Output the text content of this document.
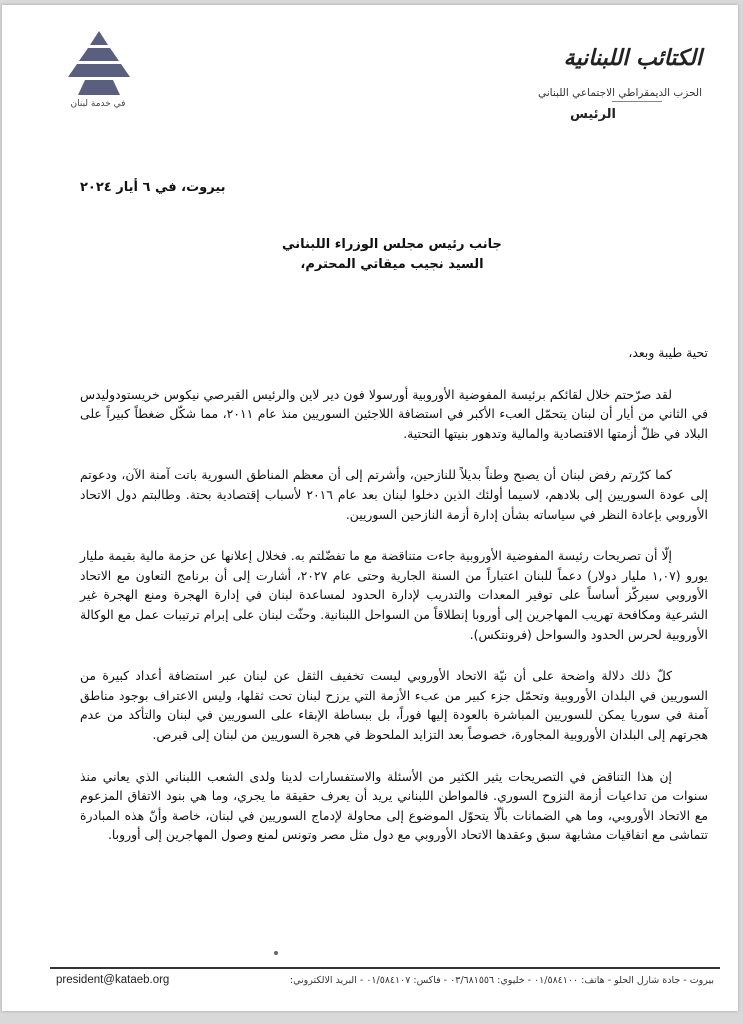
في خدمة لبنان
الكتائب اللبنانية
الحزب الديمقراطي الاجتماعي اللبناني
الرئيس
بيروت، في ٦ أيار ٢٠٢٤
جانب رئيس مجلس الوزراء اللبناني
السيد نجيب ميقاتي المحترم،

تحية طيبة وبعد،

لقد صرّحتم خلال لقائكم برئيسة المفوضية الأوروبية أورسولا فون دير لاين والرئيس القبرصي نيكوس خريستودوليدس في الثاني من أيار أن لبنان يتحمّل العبء الأكبر في استضافة اللاجئين السوريين منذ عام ٢٠١١، مما شكّل ضغطاً كبيراً على البلاد في ظلّ أزمتها الاقتصادية والمالية وتدهور بنيتها التحتية.

كما كرّرتم رفض لبنان أن يصبح وطناً بديلاً للنازحين، وأشرتم إلى أن معظم المناطق السورية باتت آمنة الآن، ودعوتم إلى عودة السوريين إلى بلادهم، لاسيما أولئك الذين دخلوا لبنان بعد عام ٢٠١٦ لأسباب إقتصادية بحتة. وطالبتم دول الاتحاد الأوروبي بإعادة النظر في سياساته بشأن إدارة أزمة النازحين السوريين.

إلّا أن تصريحات رئيسة المفوضية الأوروبية جاءت متناقضة مع ما تفضّلتم به. فخلال إعلانها عن حزمة مالية بقيمة مليار يورو (١,٠٧ مليار دولار) دعماً للبنان اعتباراً من السنة الجارية وحتى عام ٢٠٢٧، أشارت إلى أن برنامج التعاون مع الاتحاد الأوروبي سيركّز أساساً على توفير المعدات والتدريب لإدارة الحدود لمساعدة لبنان في إدارة الهجرة ومنع الهجرة غير الشرعية ومكافحة تهريب المهاجرين إلى أوروبا إنطلاقاً من السواحل اللبنانية. وحثّت لبنان على إبرام ترتيبات عمل مع الوكالة الأوروبية لحرس الحدود والسواحل (فرونتكس).

كلّ ذلك دلالة واضحة على أن نيّة الاتحاد الأوروبي ليست تخفيف الثقل عن لبنان عبر استضافة أعداد كبيرة من السوريين في البلدان الأوروبية وتحمّل جزء كبير من عبء الأزمة التي يرزح لبنان تحت ثقلها، وليس الاعتراف بوجود مناطق آمنة في سوريا يمكن للسوريين المباشرة بالعودة إليها فوراً، بل ببساطة الإبقاء على السوريين في لبنان والتأكد من عدم هجرتهم إلى البلدان الأوروبية المجاورة، خصوصاً بعد التزايد الملحوظ في هجرة السوريين من لبنان إلى قبرص.

إن هذا التناقض في التصريحات يثير الكثير من الأسئلة والاستفسارات لدينا ولدى الشعب اللبناني الذي يعاني منذ سنوات من تداعيات أزمة النزوح السوري. فالمواطن اللبناني يريد أن يعرف حقيقة ما يجري، وما هي بنود الاتفاق المزعوم مع الاتحاد الأوروبي، وما هي الضمانات بألّا يتحوّل الموضوع إلى محاولة لإدماج السوريين في لبنان، خاصة وأنّ هذه المبادرة تتماشى مع اتفاقيات مشابهة سبق وعقدها الاتحاد الأوروبي مع دول مثل مصر وتونس لمنع وصول المهاجرين إلى أوروبا.

president@kataeb.org	بيروت - جادة شارل الحلو - هاتف: ٠١/٥٨٤١٠٠ - خليوي: ٠٣/٦٨١٥٥٦ - فاكس: ٠١/٥٨٤١٠٧ - البريد الالكتروني:
